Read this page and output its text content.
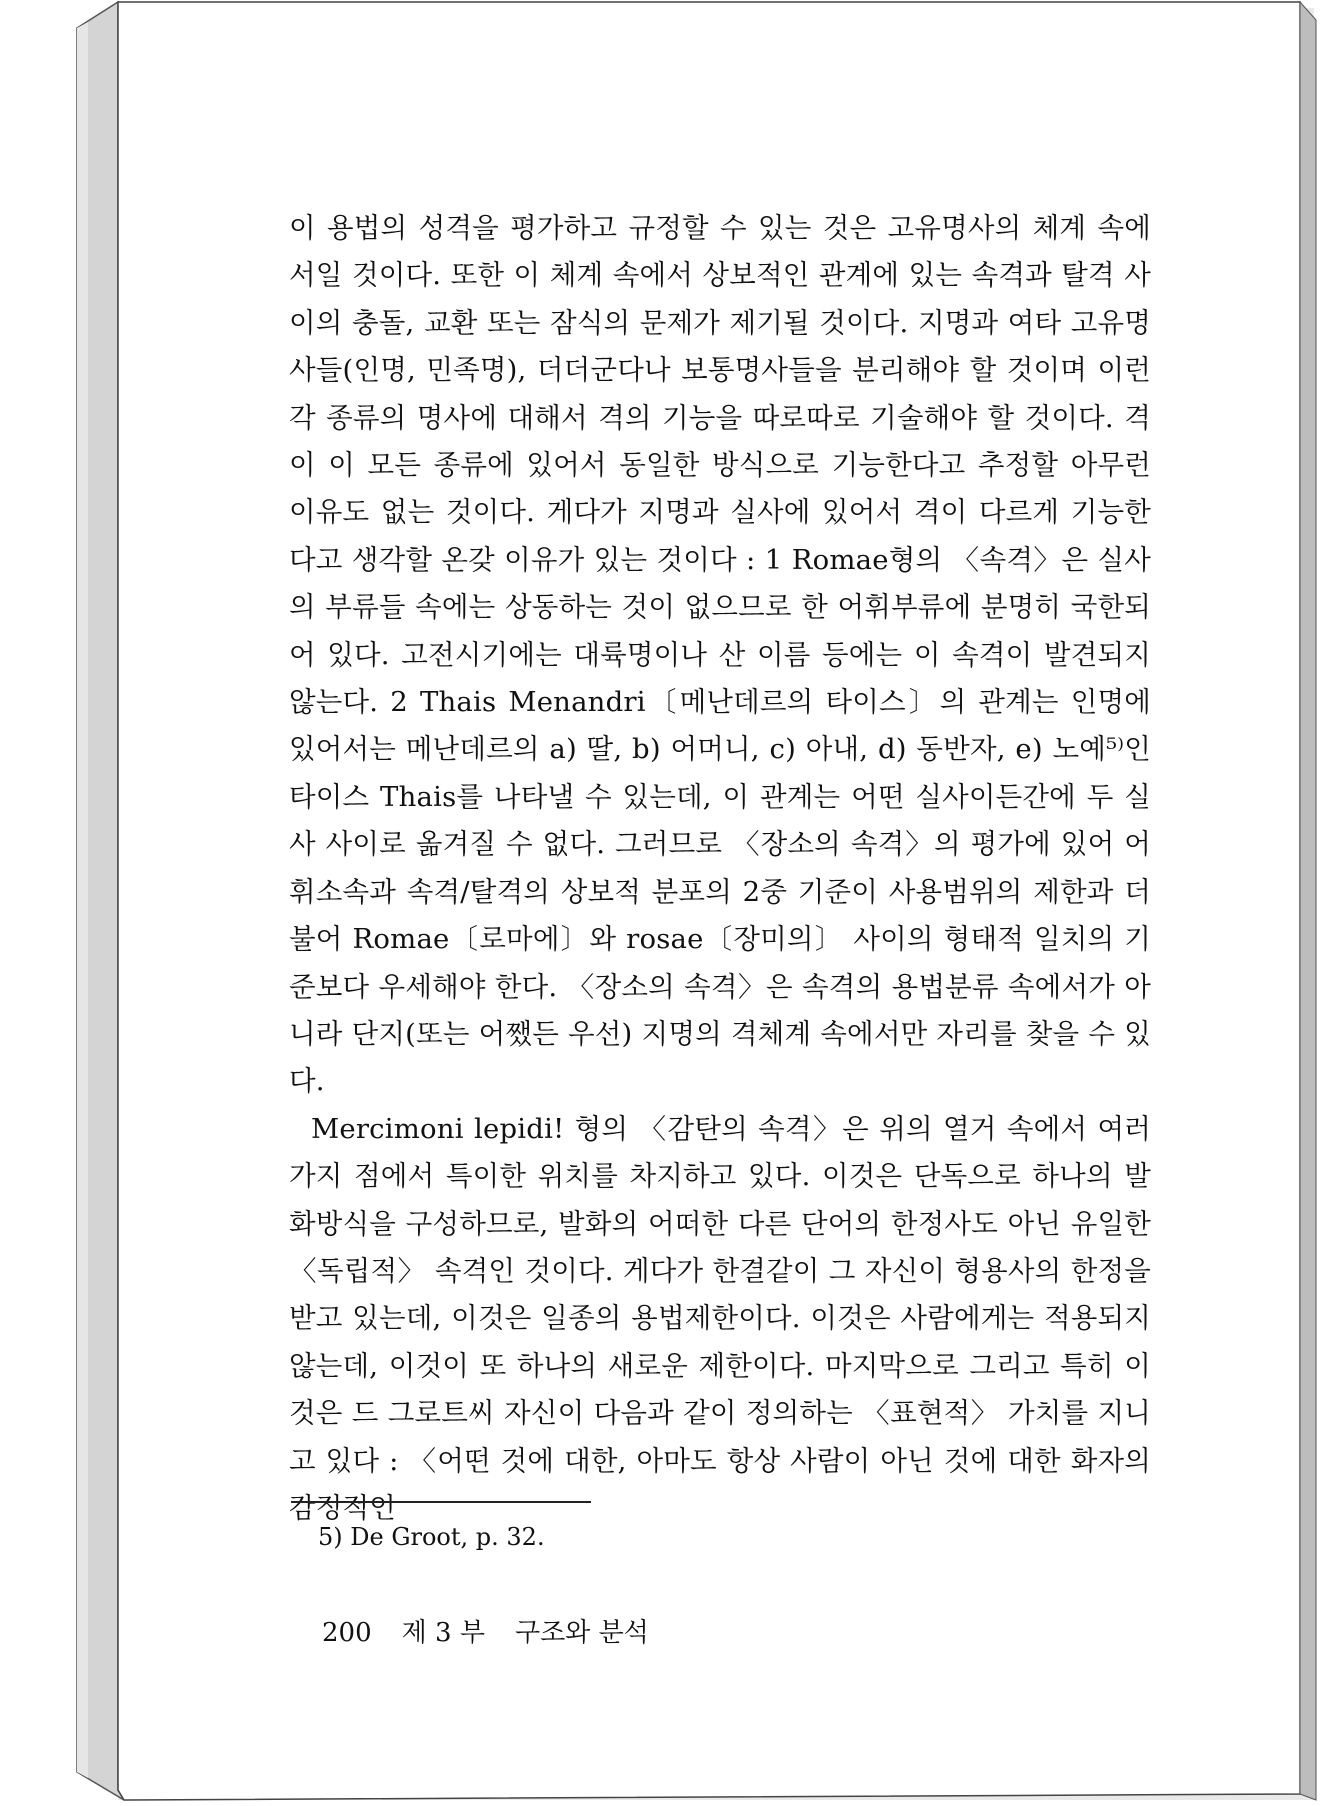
이 용법의 성격을 평가하고 규정할 수 있는 것은 고유명사의 체계 속에서일 것이다. 또한 이 체계 속에서 상보적인 관계에 있는 속격과 탈격 사이의 충돌, 교환 또는 잠식의 문제가 제기될 것이다. 지명과 여타 고유명사들(인명, 민족명), 더더군다나 보통명사들을 분리해야 할 것이며 이런 각 종류의 명사에 대해서 격의 기능을 따로따로 기술해야 할 것이다. 격이 이 모든 종류에 있어서 동일한 방식으로 기능한다고 추정할 아무런 이유도 없는 것이다. 게다가 지명과 실사에 있어서 격이 다르게 기능한다고 생각할 온갖 이유가 있는 것이다 : 1 Romae형의 〈속격〉은 실사의 부류들 속에는 상동하는 것이 없으므로 한 어휘부류에 분명히 국한되어 있다. 고전시기에는 대륙명이나 산 이름 등에는 이 속격이 발견되지 않는다. 2 Thais Menandri〔메난데르의 타이스〕의 관계는 인명에 있어서는 메난데르의 a) 딸, b) 어머니, c) 아내, d) 동반자, e) 노예⁵⁾인 타이스 Thais를 나타낼 수 있는데, 이 관계는 어떤 실사이든간에 두 실사 사이로 옮겨질 수 없다. 그러므로 〈장소의 속격〉의 평가에 있어 어휘소속과 속격/탈격의 상보적 분포의 2중 기준이 사용범위의 제한과 더불어 Romae〔로마에〕와 rosae〔장미의〕 사이의 형태적 일치의 기준보다 우세해야 한다. 〈장소의 속격〉은 속격의 용법분류 속에서가 아니라 단지(또는 어쨌든 우선) 지명의 격체계 속에서만 자리를 찾을 수 있다.

Mercimoni lepidi! 형의 〈감탄의 속격〉은 위의 열거 속에서 여러 가지 점에서 특이한 위치를 차지하고 있다. 이것은 단독으로 하나의 발화방식을 구성하므로, 발화의 어떠한 다른 단어의 한정사도 아닌 유일한 〈독립적〉 속격인 것이다. 게다가 한결같이 그 자신이 형용사의 한정을 받고 있는데, 이것은 일종의 용법제한이다. 이것은 사람에게는 적용되지 않는데, 이것이 또 하나의 새로운 제한이다. 마지막으로 그리고 특히 이것은 드 그로트씨 자신이 다음과 같이 정의하는 〈표현적〉 가치를 지니고 있다 : 〈어떤 것에 대한, 아마도 항상 사람이 아닌 것에 대한 화자의 감정적인

5) De Groot, p. 32.
200 제 3 부 구조와 분석
